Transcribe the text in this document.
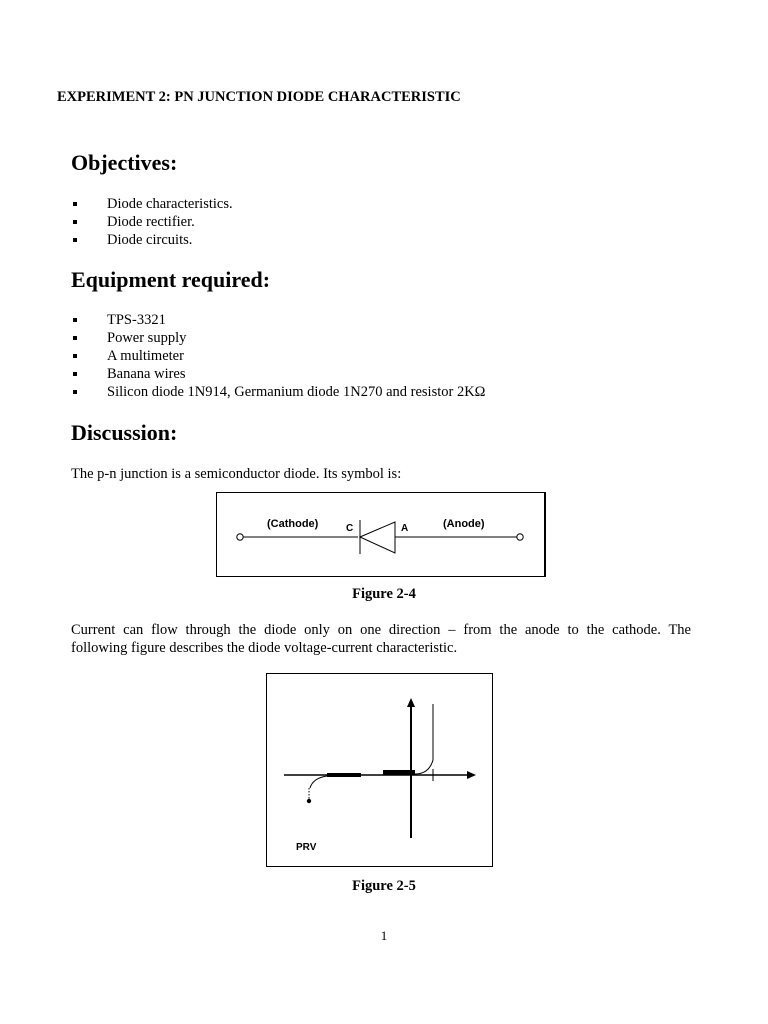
EXPERIMENT 2: PN JUNCTION DIODE CHARACTERISTIC
Objectives:
Diode characteristics.
Diode rectifier.
Diode circuits.
Equipment required:
TPS-3321
Power supply
A multimeter
Banana wires
Silicon diode 1N914, Germanium diode 1N270 and resistor 2KΩ
Discussion:
The p-n junction is a semiconductor diode. Its symbol is:
(Cathode)	C	A	(Anode)
Figure 2-4
Current can flow through the diode only on one direction – from the anode to the cathode. The
following figure describes the diode voltage-current characteristic.
PRV
Figure 2-5
1
